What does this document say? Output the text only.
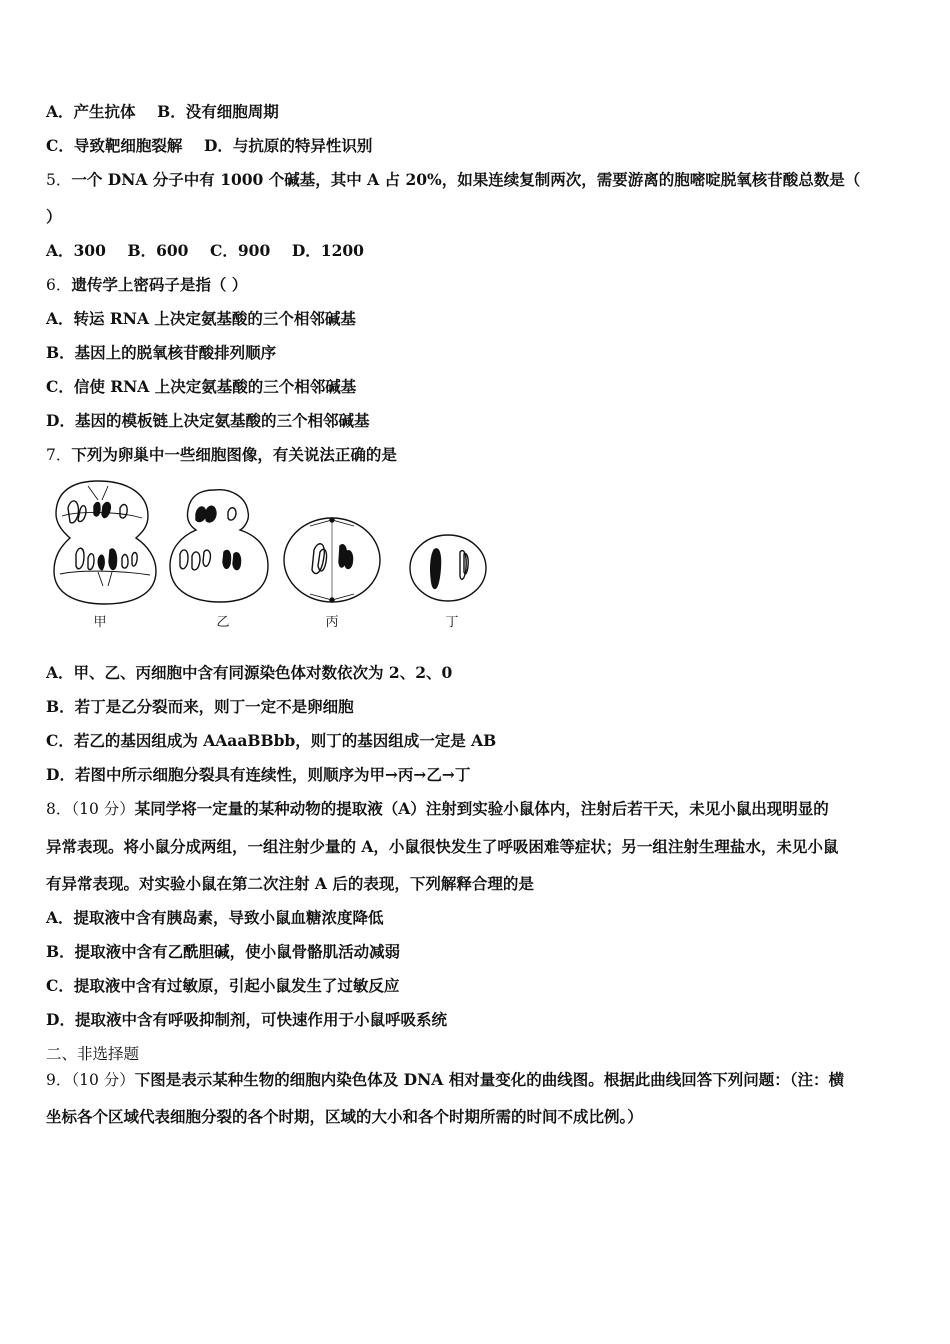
A．产生抗体 B．没有细胞周期
C．导致靶细胞裂解 D．与抗原的特异性识别
5．一个 DNA 分子中有 1000 个碱基，其中 A 占 20%，如果连续复制两次，需要游离的胞嘧啶脱氧核苷酸总数是（
）
A．300 B．600 C．900 D．1200
6．遗传学上密码子是指（ ）
A．转运 RNA 上决定氨基酸的三个相邻碱基
B．基因上的脱氧核苷酸排列顺序
C．信使 RNA 上决定氨基酸的三个相邻碱基
D．基因的模板链上决定氨基酸的三个相邻碱基
7．下列为卵巢中一些细胞图像，有关说法正确的是
甲	乙	丙	丁
A．甲、乙、丙细胞中含有同源染色体对数依次为 2、2、0
B．若丁是乙分裂而来，则丁一定不是卵细胞
C．若乙的基因组成为 AAaaBBbb，则丁的基因组成一定是 AB
D．若图中所示细胞分裂具有连续性，则顺序为甲→丙→乙→丁
8．（10 分）某同学将一定量的某种动物的提取液（A）注射到实验小鼠体内，注射后若干天，未见小鼠出现明显的
异常表现。将小鼠分成两组，一组注射少量的 A，小鼠很快发生了呼吸困难等症状；另一组注射生理盐水，未见小鼠
有异常表现。对实验小鼠在第二次注射 A 后的表现，下列解释合理的是
A．提取液中含有胰岛素，导致小鼠血糖浓度降低
B．提取液中含有乙酰胆碱，使小鼠骨骼肌活动减弱
C．提取液中含有过敏原，引起小鼠发生了过敏反应
D．提取液中含有呼吸抑制剂，可快速作用于小鼠呼吸系统
二、非选择题
9．（10 分）下图是表示某种生物的细胞内染色体及 DNA 相对量变化的曲线图。根据此曲线回答下列问题：（注：横
坐标各个区域代表细胞分裂的各个时期，区域的大小和各个时期所需的时间不成比例。）
